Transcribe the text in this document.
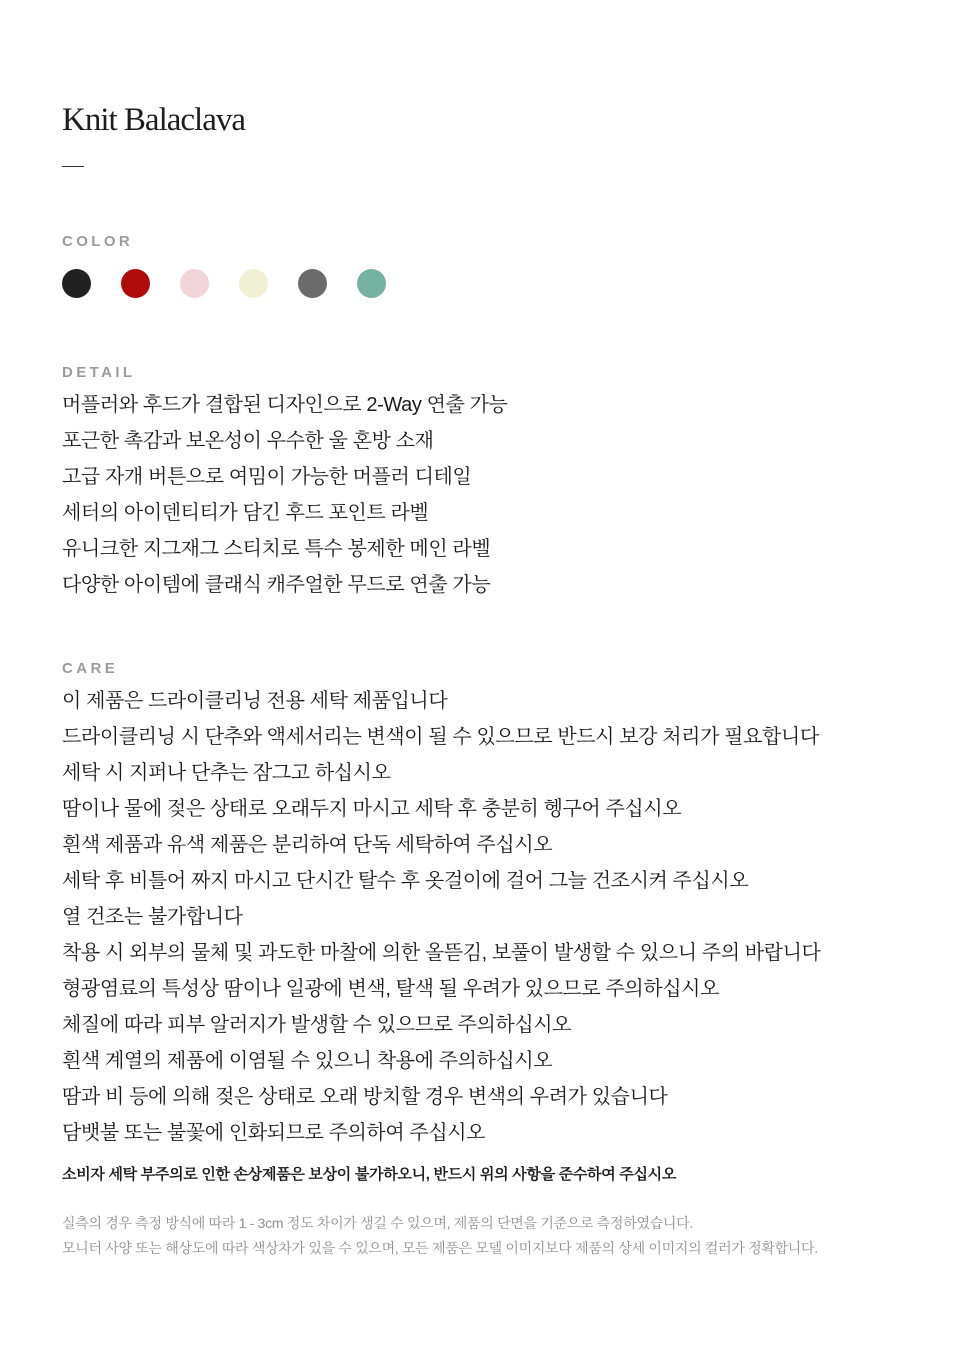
Knit Balaclava
COLOR
DETAIL
머플러와 후드가 결합된 디자인으로 2-Way 연출 가능
포근한 촉감과 보온성이 우수한 울 혼방 소재
고급 자개 버튼으로 여밈이 가능한 머플러 디테일
세터의 아이덴티티가 담긴 후드 포인트 라벨
유니크한 지그재그 스티치로 특수 봉제한 메인 라벨
다양한 아이템에 클래식 캐주얼한 무드로 연출 가능
CARE
이 제품은 드라이클리닝 전용 세탁 제품입니다
드라이클리닝 시 단추와 액세서리는 변색이 될 수 있으므로 반드시 보강 처리가 필요합니다
세탁 시 지퍼나 단추는 잠그고 하십시오
땀이나 물에 젖은 상태로 오래두지 마시고 세탁 후 충분히 헹구어 주십시오
흰색 제품과 유색 제품은 분리하여 단독 세탁하여 주십시오
세탁 후 비틀어 짜지 마시고 단시간 탈수 후 옷걸이에 걸어 그늘 건조시켜 주십시오
열 건조는 불가합니다
착용 시 외부의 물체 및 과도한 마찰에 의한 올뜯김, 보풀이 발생할 수 있으니 주의 바랍니다
형광염료의 특성상 땀이나 일광에 변색, 탈색 될 우려가 있으므로 주의하십시오
체질에 따라 피부 알러지가 발생할 수 있으므로 주의하십시오
흰색 계열의 제품에 이염될 수 있으니 착용에 주의하십시오
땀과 비 등에 의해 젖은 상태로 오래 방치할 경우 변색의 우려가 있습니다
담뱃불 또는 불꽃에 인화되므로 주의하여 주십시오
소비자 세탁 부주의로 인한 손상제품은 보상이 불가하오니, 반드시 위의 사항을 준수하여 주십시오
실측의 경우 측정 방식에 따라 1 - 3cm 정도 차이가 생길 수 있으며, 제품의 단면을 기준으로 측정하였습니다.
모니터 사양 또는 해상도에 따라 색상차가 있을 수 있으며, 모든 제품은 모델 이미지보다 제품의 상세 이미지의 컬러가 정확합니다.
